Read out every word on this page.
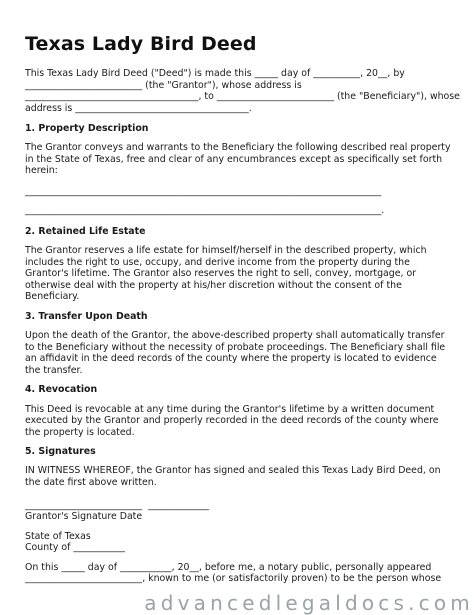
Texas Lady Bird Deed

This Texas Lady Bird Deed ("Deed") is made this _____ day of __________, 20__, by

_________________________ (the "Grantor"), whose address is

_____________________________________, to _________________________ (the "Beneficiary"), whose

address is _____________________________________.

1. Property Description

The Grantor conveys and warrants to the Beneficiary the following described real property

in the State of Texas, free and clear of any encumbrances except as specifically set forth

herein:

____________________________________________________________________________

____________________________________________________________________________.

2. Retained Life Estate

The Grantor reserves a life estate for himself/herself in the described property, which

includes the right to use, occupy, and derive income from the property during the

Grantor's lifetime. The Grantor also reserves the right to sell, convey, mortgage, or

otherwise deal with the property at his/her discretion without the consent of the

Beneficiary.

3. Transfer Upon Death

Upon the death of the Grantor, the above-described property shall automatically transfer

to the Beneficiary without the necessity of probate proceedings. The Beneficiary shall file

an affidavit in the deed records of the county where the property is located to evidence

the transfer.

4. Revocation

This Deed is revocable at any time during the Grantor's lifetime by a written document

executed by the Grantor and properly recorded in the deed records of the county where

the property is located.

5. Signatures

IN WITNESS WHEREOF, the Grantor has signed and sealed this Texas Lady Bird Deed, on

the date first above written.

_________________________  _____________

Grantor's Signature Date

State of Texas

County of ___________

On this _____ day of ___________, 20__, before me, a notary public, personally appeared

_________________________, known to me (or satisfactorily proven) to be the person whose

advancedlegaldocs.com
